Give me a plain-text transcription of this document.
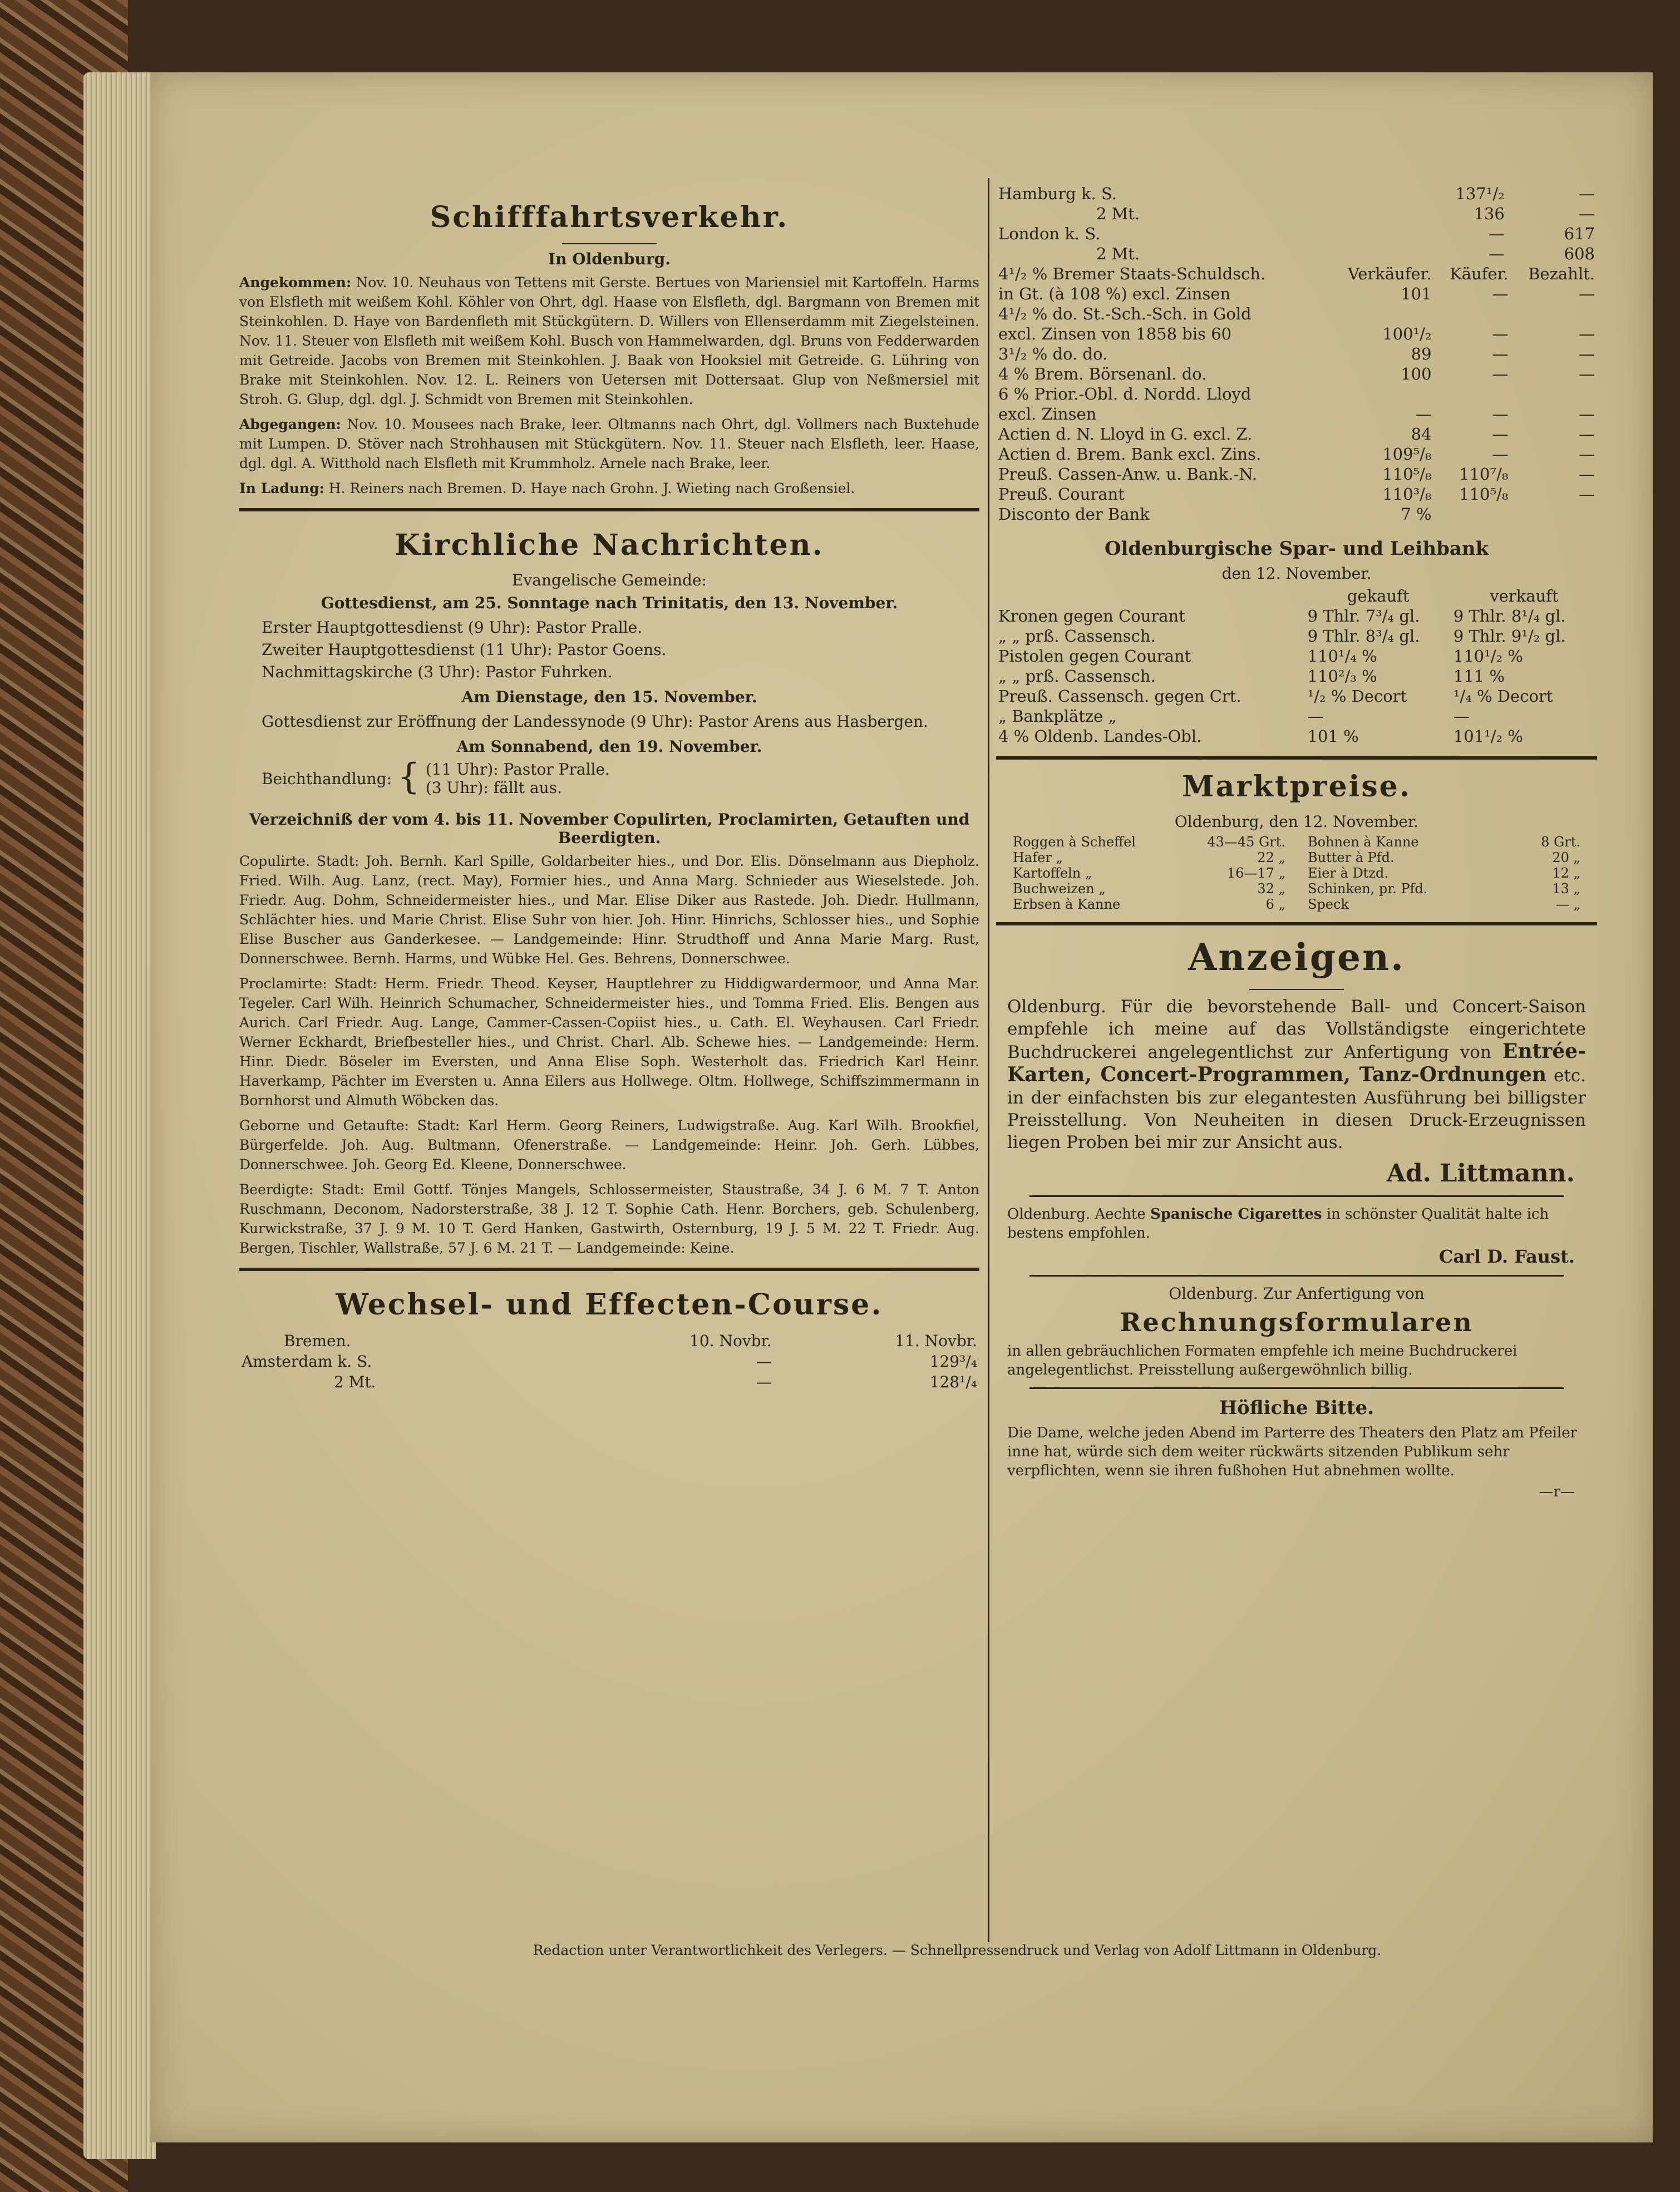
Schifffahrtsverkehr.
In Oldenburg.

Angekommen: Nov. 10. Neuhaus von Tettens mit Gerste. Bertues von Mariensiel mit Kartoffeln. Harms von Elsfleth mit weißem Kohl. Köhler von Ohrt, dgl. Haase von Elsfleth, dgl. Bargmann von Bremen mit Steinkohlen. D. Haye von Bardenfleth mit Stückgütern. D. Willers von Ellenserdamm mit Ziegelsteinen. Nov. 11. Steuer von Elsfleth mit weißem Kohl. Busch von Hammelwarden, dgl. Bruns von Fedderwarden mit Getreide. Jacobs von Bremen mit Steinkohlen. J. Baak von Hooksiel mit Getreide. G. Lühring von Brake mit Steinkohlen. Nov. 12. L. Reiners von Uetersen mit Dottersaat. Glup von Neßmersiel mit Stroh. G. Glup, dgl. dgl. J. Schmidt von Bremen mit Steinkohlen.

Abgegangen: Nov. 10. Mousees nach Brake, leer. Oltmanns nach Ohrt, dgl. Vollmers nach Buxtehude mit Lumpen. D. Stöver nach Strohhausen mit Stückgütern. Nov. 11. Steuer nach Elsfleth, leer. Haase, dgl. dgl. A. Witthold nach Elsfleth mit Krummholz. Arnele nach Brake, leer.

In Ladung: H. Reiners nach Bremen. D. Haye nach Grohn. J. Wieting nach Großensiel.

Kirchliche Nachrichten.
Evangelische Gemeinde:
Gottesdienst, am 25. Sonntage nach Trinitatis, den 13. November.
Erster Hauptgottesdienst (9 Uhr): Pastor Pralle.
Zweiter Hauptgottesdienst (11 Uhr): Pastor Goens.
Nachmittagskirche (3 Uhr): Pastor Fuhrken.
Am Dienstage, den 15. November.
Gottesdienst zur Eröffnung der Landessynode (9 Uhr): Pastor Arens aus Hasbergen.
Am Sonnabend, den 19. November.
Beichthandlung: { (11 Uhr): Pastor Pralle.
(3 Uhr): fällt aus.
Verzeichniß der vom 4. bis 11. November Copulirten, Proclamirten, Getauften und Beerdigten.

Copulirte. Stadt: Joh. Bernh. Karl Spille, Goldarbeiter hies., und Dor. Elis. Dönselmann aus Diepholz. Fried. Wilh. Aug. Lanz, (rect. May), Formier hies., und Anna Marg. Schnieder aus Wieselstede. Joh. Friedr. Aug. Dohm, Schneidermeister hies., und Mar. Elise Diker aus Rastede. Joh. Diedr. Hullmann, Schlächter hies. und Marie Christ. Elise Suhr von hier. Joh. Hinr. Hinrichs, Schlosser hies., und Sophie Elise Buscher aus Ganderkesee. — Landgemeinde: Hinr. Strudthoff und Anna Marie Marg. Rust, Donnerschwee. Bernh. Harms, und Wübke Hel. Ges. Behrens, Donnerschwee.

Proclamirte: Stadt: Herm. Friedr. Theod. Keyser, Hauptlehrer zu Hiddigwardermoor, und Anna Mar. Tegeler. Carl Wilh. Heinrich Schumacher, Schneidermeister hies., und Tomma Fried. Elis. Bengen aus Aurich. Carl Friedr. Aug. Lange, Cammer-Cassen-Copiist hies., u. Cath. El. Weyhausen. Carl Friedr. Werner Eckhardt, Briefbesteller hies., und Christ. Charl. Alb. Schewe hies. — Landgemeinde: Herm. Hinr. Diedr. Böseler im Eversten, und Anna Elise Soph. Westerholt das. Friedrich Karl Heinr. Haverkamp, Pächter im Eversten u. Anna Eilers aus Hollwege. Oltm. Hollwege, Schiffszimmermann in Bornhorst und Almuth Wöbcken das.

Geborne und Getaufte: Stadt: Karl Herm. Georg Reiners, Ludwigstraße. Aug. Karl Wilh. Brookfiel, Bürgerfelde. Joh. Aug. Bultmann, Ofenerstraße. — Landgemeinde: Heinr. Joh. Gerh. Lübbes, Donnerschwee. Joh. Georg Ed. Kleene, Donnerschwee.

Beerdigte: Stadt: Emil Gottf. Tönjes Mangels, Schlossermeister, Staustraße, 34 J. 6 M. 7 T. Anton Ruschmann, Deconom, Nadorsterstraße, 38 J. 12 T. Sophie Cath. Henr. Borchers, geb. Schulenberg, Kurwickstraße, 37 J. 9 M. 10 T. Gerd Hanken, Gastwirth, Osternburg, 19 J. 5 M. 22 T. Friedr. Aug. Bergen, Tischler, Wallstraße, 57 J. 6 M. 21 T. — Landgemeinde: Keine.

Wechsel- und Effecten-Course.
Bremen.	10. Novbr.	11. Novbr.
Amsterdam k. S.	—	129³/₄
2 Mt.	—	128¹/₄
Hamburg k. S.	137¹/₂	—
2 Mt.	136	—
London k. S.	—	617
2 Mt.	—	608
4¹/₂ % Bremer Staats-Schuldsch.	Verkäufer.	Käufer.	Bezahlt.
in Gt. (à 108 %) excl. Zinsen	101	—	—
4¹/₂ % do. St.-Sch.-Sch. in Gold			
excl. Zinsen von 1858 bis 60	100¹/₂	—	—
3¹/₂ % do. do.	89	—	—
4 % Brem. Börsenanl. do.	100	—	—
6 % Prior.-Obl. d. Nordd. Lloyd			
excl. Zinsen	—	—	—
Actien d. N. Lloyd in G. excl. Z.	84	—	—
Actien d. Brem. Bank excl. Zins.	109⁵/₈	—	—
Preuß. Cassen-Anw. u. Bank.-N.	110⁵/₈	110⁷/₈	—
Preuß. Courant	110³/₈	110⁵/₈	—
Disconto der Bank	7 %		
Oldenburgische Spar- und Leihbank
den 12. November.
	gekauft	verkauft
Kronen gegen Courant	9 Thlr. 7³/₄ gl.	9 Thlr. 8¹/₄ gl.
„ „ prß. Cassensch.	9 Thlr. 8³/₄ gl.	9 Thlr. 9¹/₂ gl.
Pistolen gegen Courant	110¹/₄ %	110¹/₂ %
„ „ prß. Cassensch.	110²/₃ %	111 %
Preuß. Cassensch. gegen Crt.	¹/₂ % Decort	¹/₄ % Decort
„ Bankplätze „	—	—
4 % Oldenb. Landes-Obl.	101 %	101¹/₂ %
Marktpreise.
Oldenburg, den 12. November.
Roggen à Scheffel	43—45 Grt.
Hafer „	22 „
Kartoffeln „	16—17 „
Buchweizen „	32 „
Erbsen à Kanne	6 „
Bohnen à Kanne	8 Grt.
Butter à Pfd.	20 „
Eier à Dtzd.	12 „
Schinken, pr. Pfd.	13 „
Speck	— „
Anzeigen.

Oldenburg. Für die bevorstehende Ball- und Concert-Saison empfehle ich meine auf das Vollständigste eingerichtete Buchdruckerei angelegentlichst zur Anfertigung von Entrée-Karten, Concert-Programmen, Tanz-Ordnungen etc. in der einfachsten bis zur elegantesten Ausführung bei billigster Preisstellung. Von Neuheiten in diesen Druck-Erzeugnissen liegen Proben bei mir zur Ansicht aus.

Ad. Littmann.

Oldenburg. Aechte Spanische Cigarettes in schönster Qualität halte ich bestens empfohlen.

Carl D. Faust.
Oldenburg. Zur Anfertigung von
Rechnungsformularen

in allen gebräuchlichen Formaten empfehle ich meine Buchdruckerei angelegentlichst. Preisstellung außergewöhnlich billig.

Höfliche Bitte.

Die Dame, welche jeden Abend im Parterre des Theaters den Platz am Pfeiler inne hat, würde sich dem weiter rückwärts sitzenden Publikum sehr verpflichten, wenn sie ihren fußhohen Hut abnehmen wollte.

—r—
Redaction unter Verantwortlichkeit des Verlegers. — Schnellpressendruck und Verlag von Adolf Littmann in Oldenburg.
